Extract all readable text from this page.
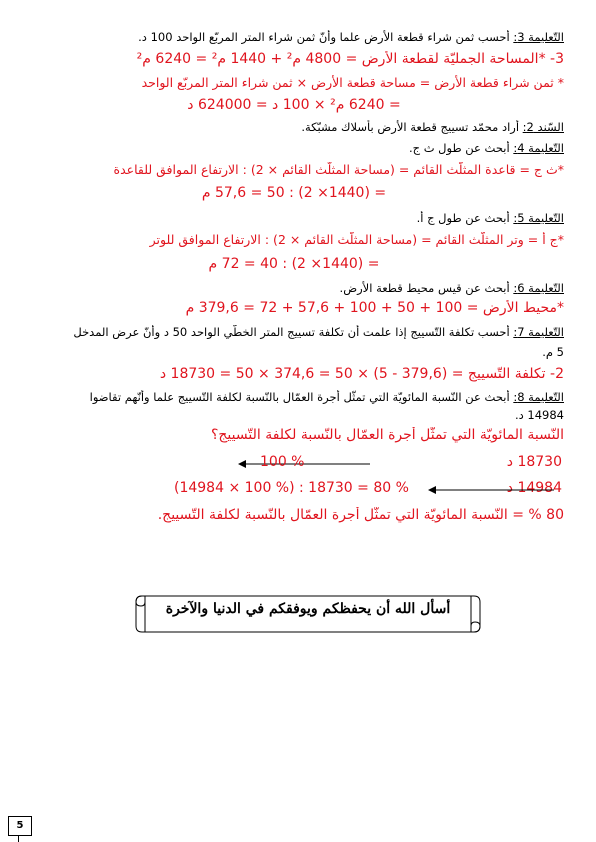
التّعليمة 3: أحسب ثمن شراء قطعة الأرض علما وأنّ ثمن شراء المتر المربّع الواحد 100 د.
3- *المساحة الجمليّة لقطعة الأرض = 4800 م² + 1440 م² = 6240 م²
* ثمن شراء قطعة الأرض = مساحة قطعة الأرض × ثمن شراء المتر المربّع الواحد
= 6240 م² × 100 د = 624000 د
السّند 2: أراد محمّد تسييج قطعة الأرض بأسلاك مشبّكة.
التّعليمة 4: أبحث عن طول ث ج.
*ث ج = قاعدة المثلّث القائم = (مساحة المثلّث القائم × 2) : الارتفاع الموافق للقاعدة
= (1440× 2) : 50 = 57,6 م
التّعليمة 5: أبحث عن طول ج أ.
*ج أ = وتر المثلّث القائم = (مساحة المثلّث القائم × 2) : الارتفاع الموافق للوتر
= (1440× 2) : 40 = 72 م
التّعليمة 6: أبحث عن قيس محيط قطعة الأرض.
*محيط الأرض = 100 + 50 + 100 + 57,6 + 72 = 379,6 م
التّعليمة 7: أحسب تكلفة التّسييج إذا علمت أن تكلفة تسييج المتر الخطّي الواحد 50 د وأنّ عرض المدخل
5 م.
2- تكلفة التّسييج = (379,6 - 5) × 50 = 374,6 × 50 = 18730 د
التّعليمة 8: أبحث عن النّسبة المائويّة التي تمثّل أجرة العمّال بالنّسبة لكلفة التّسييج علما وأنّهم تقاضوا
14984 د.
النّسبة المائويّة التي تمثّل أجرة العمّال بالنّسبة لكلفة التّسييج؟
18730 د
100 %
14984 د
(14984 × 100 %) : 18730 = 80 %
80 % = النّسبة المائويّة التي تمثّل أجرة العمّال بالنّسبة لكلفة التّسييج.
أسأل الله أن يحفظكم ويوفقكم في الدنيا والآخرة
5
